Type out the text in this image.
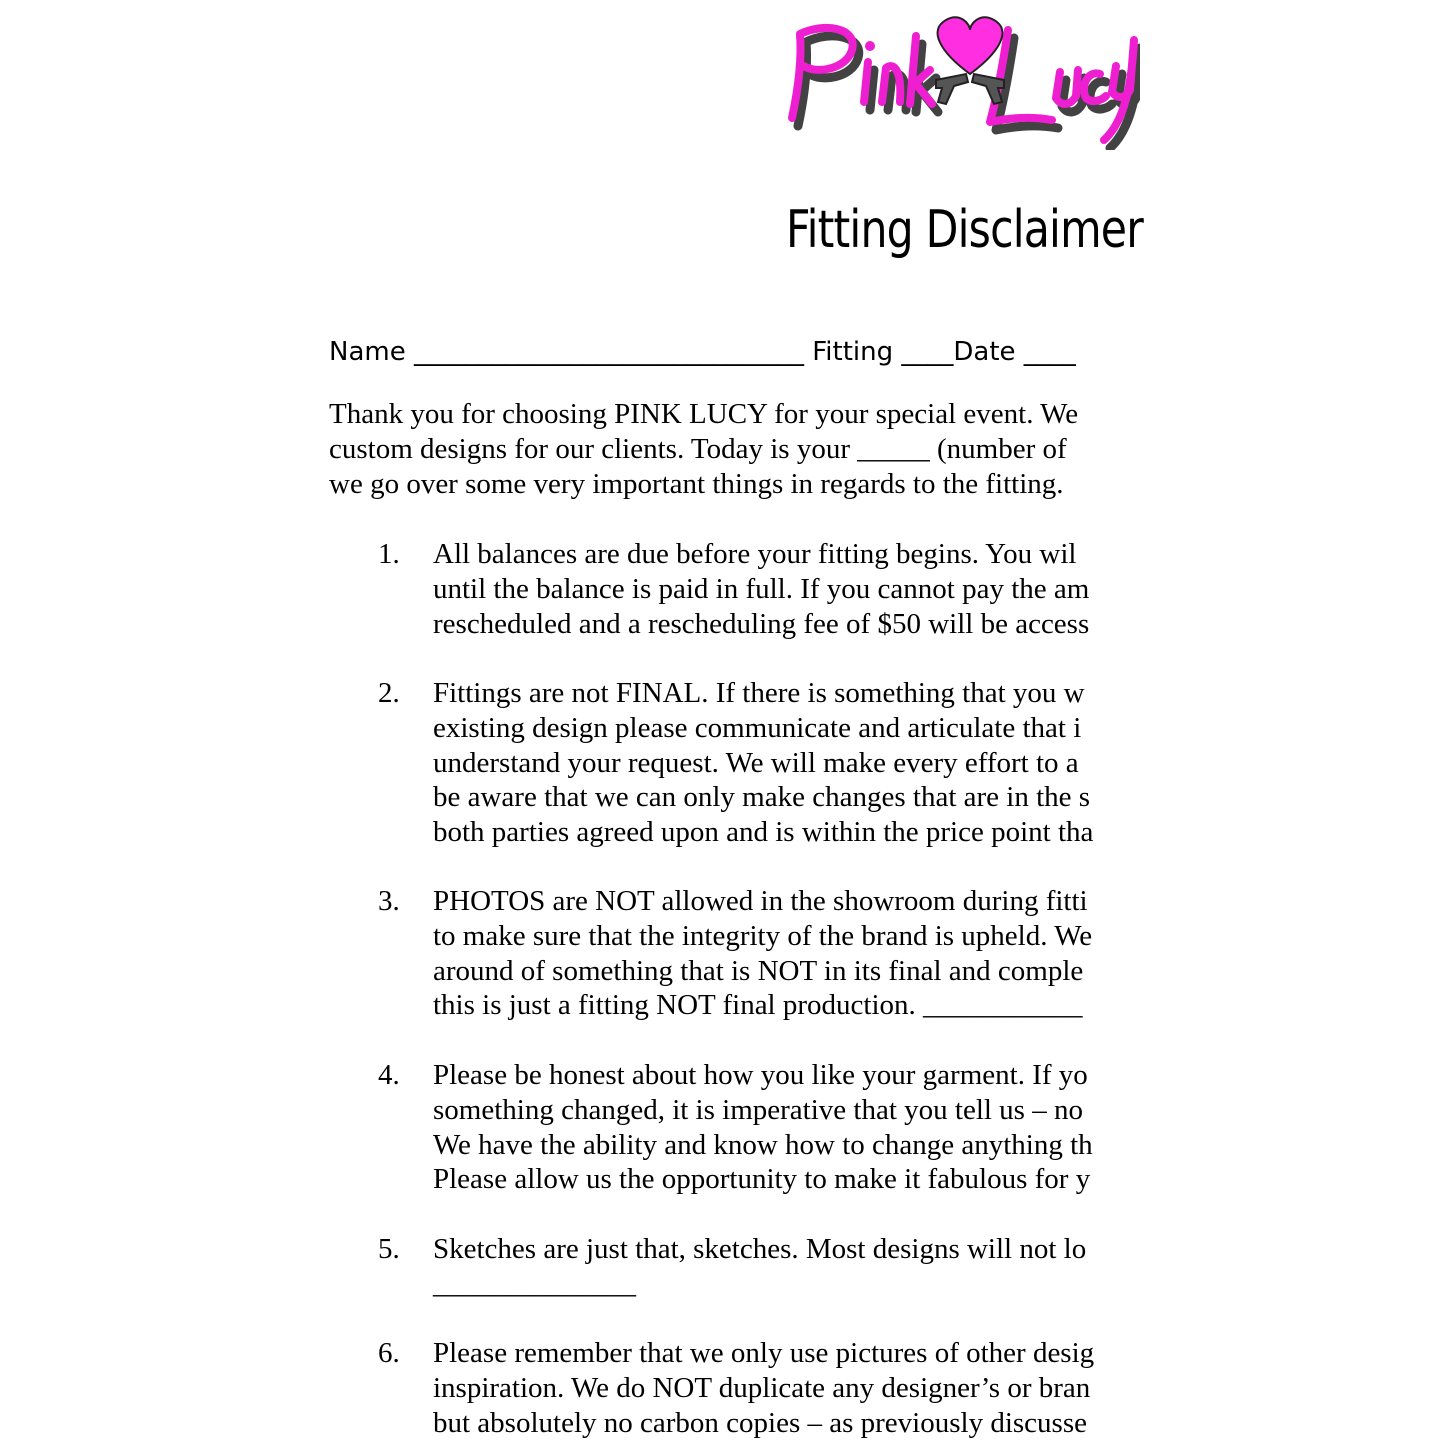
Fitting Disclaimer
Name ______________________________ Fitting ____Date ____
Thank you for choosing PINK LUCY for your special event. We
custom designs for our clients. Today is your _____ (number of
we go over some very important things in regards to the fitting.
1. All balances are due before your fitting begins. You wil
until the balance is paid in full. If you cannot pay the am
rescheduled and a rescheduling fee of $50 will be access
2. Fittings are not FINAL. If there is something that you w
existing design please communicate and articulate that i
understand your request. We will make every effort to a
be aware that we can only make changes that are in the s
both parties agreed upon and is within the price point tha
3. PHOTOS are NOT allowed in the showroom during fitti
to make sure that the integrity of the brand is upheld. We
around of something that is NOT in its final and comple
this is just a fitting NOT final production. ___________
4. Please be honest about how you like your garment. If yo
something changed, it is imperative that you tell us – no
We have the ability and know how to change anything th
Please allow us the opportunity to make it fabulous for y
5. Sketches are just that, sketches. Most designs will not lo
______________
6. Please remember that we only use pictures of other desig
inspiration. We do NOT duplicate any designer’s or bran
but absolutely no carbon copies – as previously discusse
